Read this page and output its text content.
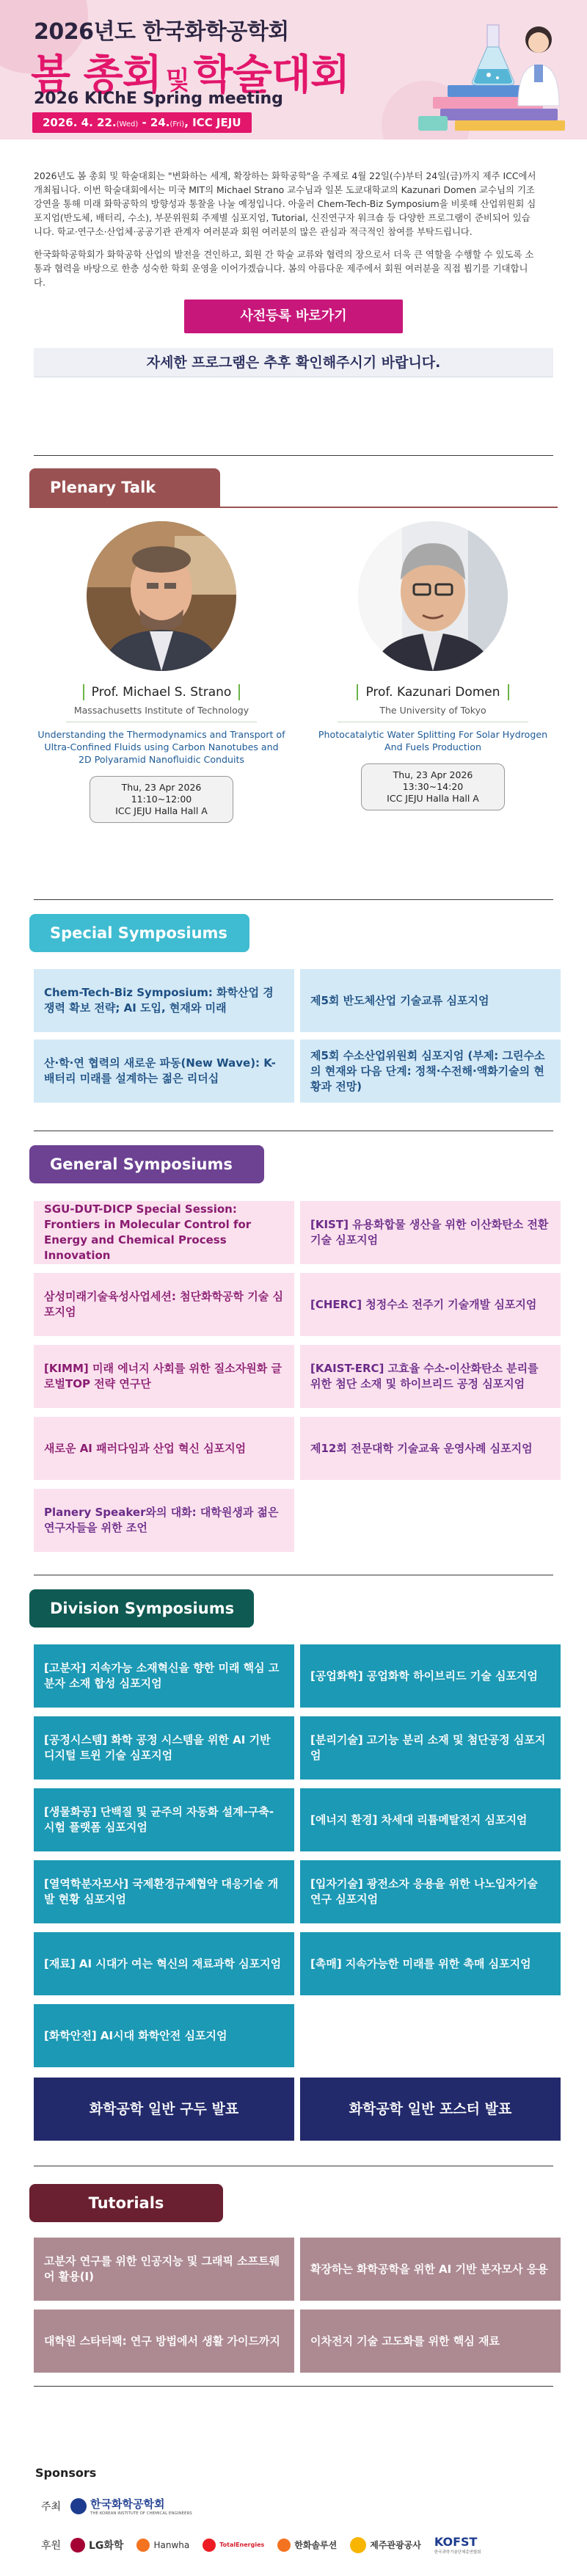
2026년도 한국화학공학회
봄 총회 및 학술대회
2026 KIChE Spring meeting
2026. 4. 22.(Wed) - 24.(Fri), ICC JEJU

2026년도 봄 총회 및 학술대회는 "변화하는 세계, 확장하는 화학공학"을 주제로 4월 22일(수)부터 24일(금)까지 제주 ICC에서 개최됩니다. 이번 학술대회에서는 미국 MIT의 Michael Strano 교수님과 일본 도쿄대학교의 Kazunari Domen 교수님의 기조강연을 통해 미래 화학공학의 방향성과 통찰을 나눌 예정입니다. 아울러 Chem-Tech-Biz Symposium을 비롯해 산업위원회 심포지엄(반도체, 배터리, 수소), 부문위원회 주제별 심포지엄, Tutorial, 신진연구자 워크숍 등 다양한 프로그램이 준비되어 있습니다. 학교·연구소·산업체·공공기관 관계자 여러분과 회원 여러분의 많은 관심과 적극적인 참여를 부탁드립니다.

한국화학공학회가 화학공학 산업의 발전을 견인하고, 회원 간 학술 교류와 협력의 장으로서 더욱 큰 역할을 수행할 수 있도록 소통과 협력을 바탕으로 한층 성숙한 학회 운영을 이어가겠습니다. 봄의 아름다운 제주에서 회원 여러분을 직접 뵙기를 기대합니다.

사전등록 바로가기
자세한 프로그램은 추후 확인해주시기 바랍니다.
Plenary Talk
Prof. Michael S. Strano
Massachusetts Institute of Technology
Understanding the Thermodynamics and Transport of Ultra-Confined Fluids using Carbon Nanotubes and 2D Polyaramid Nanofluidic Conduits
Thu, 23 Apr 2026
11:10~12:00
ICC JEJU Halla Hall A
Prof. Kazunari Domen
The University of Tokyo
Photocatalytic Water Splitting For Solar Hydrogen And Fuels Production
Thu, 23 Apr 2026
13:30~14:20
ICC JEJU Halla Hall A
Special Symposiums
Chem-Tech-Biz Symposium: 화학산업 경쟁력 확보 전략; AI 도입, 현재와 미래
제5회 반도체산업 기술교류 심포지엄
산·학·연 협력의 새로운 파동(New Wave): K-배터리 미래를 설계하는 젊은 리더십
제5회 수소산업위원회 심포지엄 (부제: 그린수소의 현재와 다음 단계: 정책·수전해·액화기술의 현황과 전망)
General Symposiums
SGU-DUT-DICP Special Session: Frontiers in Molecular Control for Energy and Chemical Process Innovation
[KIST] 유용화합물 생산을 위한 이산화탄소 전환 기술 심포지엄
삼성미래기술육성사업세션: 첨단화학공학 기술 심포지엄
[CHERC] 청정수소 전주기 기술개발 심포지엄
[KIMM] 미래 에너지 사회를 위한 질소자원화 글로벌TOP 전략 연구단
[KAIST-ERC] 고효율 수소-이산화탄소 분리를 위한 첨단 소재 및 하이브리드 공정 심포지엄
새로운 AI 패러다임과 산업 혁신 심포지엄	제12회 전문대학 기술교육 운영사례 심포지엄
Planery Speaker와의 대화: 대학원생과 젊은 연구자들을 위한 조언
Division Symposiums
[고분자] 지속가능 소재혁신을 향한 미래 핵심 고분자 소재 합성 심포지엄
[공업화학] 공업화학 하이브리드 기술 심포지엄
[공정시스템] 화학 공정 시스템을 위한 AI 기반 디지털 트윈 기술 심포지엄
[분리기술] 고기능 분리 소재 및 첨단공정 심포지엄
[생물화공] 단백질 및 균주의 자동화 설계-구축-시험 플랫폼 심포지엄
[에너지 환경] 차세대 리튬메탈전지 심포지엄
[열역학분자모사] 국제환경규제협약 대응기술 개발 현황 심포지엄
[입자기술] 광전소자 응용을 위한 나노입자기술 연구 심포지엄
[재료] AI 시대가 여는 혁신의 재료과학 심포지엄	[촉매] 지속가능한 미래를 위한 촉매 심포지엄
[화학안전] AI시대 화학안전 심포지엄
화학공학 일반 구두 발표	화학공학 일반 포스터 발표
Tutorials
고분자 연구를 위한 인공지능 및 그래픽 소프트웨어 활용(I)
확장하는 화학공학을 위한 AI 기반 분자모사 응용
대학원 스타터팩: 연구 방법에서 생활 가이드까지	이차전지 기술 고도화를 위한 핵심 재료
Sponsors
주최	한국화학공학회
THE KOREAN INSTITUTE OF CHEMICAL ENGINEERS
후원	LG화학	Hanwha	TotalEnergies	한화솔루션	제주관광공사 KOFST
한국과학기술단체총연합회
